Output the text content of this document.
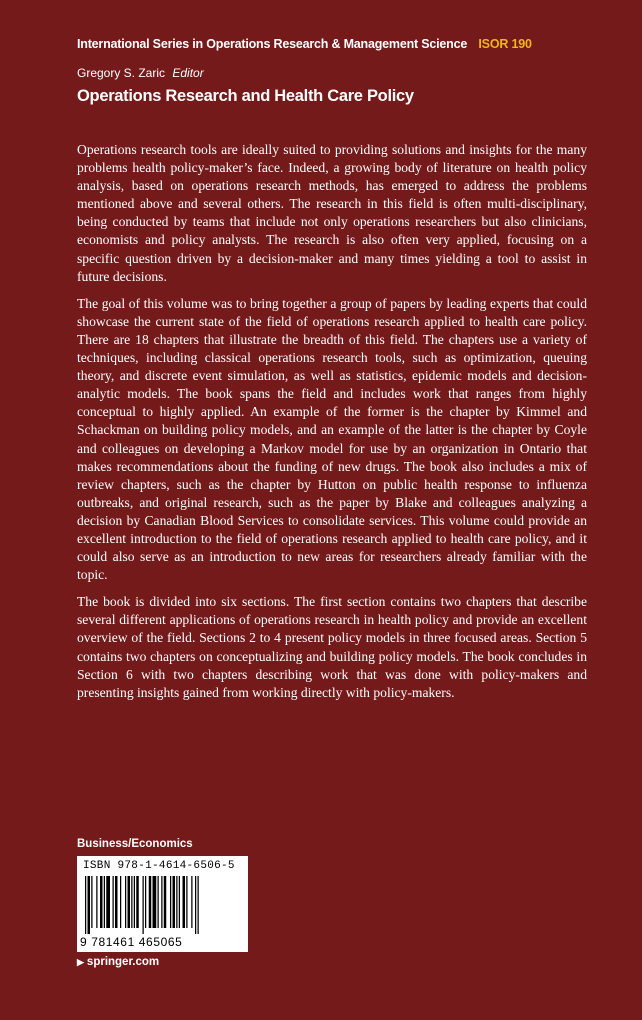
International Series in Operations Research & Management Science ISOR 190
Gregory S. Zaric Editor
Operations Research and Health Care Policy

Operations research tools are ideally suited to providing solutions and insights for the many problems health policy-maker’s face. Indeed, a growing body of literature on health policy analysis, based on operations research methods, has emerged to address the problems mentioned above and several others. The research in this field is often multi-disciplinary, being conducted by teams that include not only operations researchers but also clinicians, economists and policy analysts. The research is also often very applied, focusing on a specific question driven by a decision-maker and many times yielding a tool to assist in future decisions.

The goal of this volume was to bring together a group of papers by leading experts that could showcase the current state of the field of operations research applied to health care policy. There are 18 chapters that illustrate the breadth of this field. The chapters use a variety of techniques, including classical operations research tools, such as optimization, queuing theory, and discrete event simulation, as well as statistics, epidemic models and decision-analytic models. The book spans the field and includes work that ranges from highly conceptual to highly applied. An example of the former is the chapter by Kimmel and Schackman on building policy models, and an example of the latter is the chapter by Coyle and colleagues on developing a Markov model for use by an organization in Ontario that makes recommendations about the funding of new drugs. The book also includes a mix of review chapters, such as the chapter by Hutton on public health response to influenza outbreaks, and original research, such as the paper by Blake and colleagues analyzing a decision by Canadian Blood Services to consolidate services. This volume could provide an excellent introduction to the field of operations research applied to health care policy, and it could also serve as an introduction to new areas for researchers already familiar with the topic.

The book is divided into six sections. The first section contains two chapters that describe several different applications of operations research in health policy and provide an excellent overview of the field. Sections 2 to 4 present policy models in three focused areas. Section 5 contains two chapters on conceptualizing and building policy models. The book concludes in Section 6 with two chapters describing work that was done with policy-makers and presenting insights gained from working directly with policy-makers.

Business/Economics
ISBN 978-1-4614-6506-5
9 781461 465065
▶ springer.com
